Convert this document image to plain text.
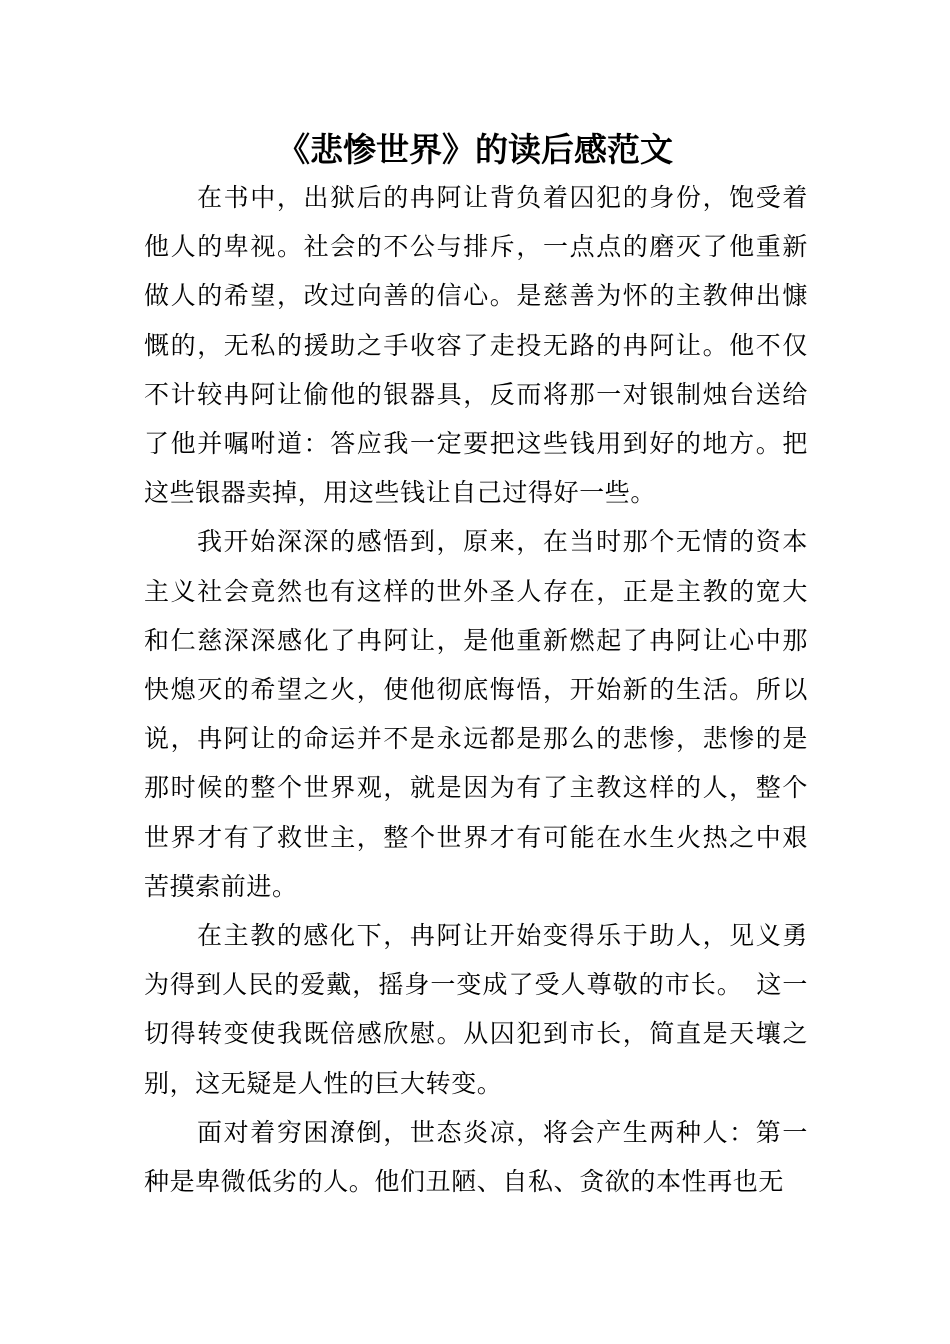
《悲惨世界》的读后感范文

在书中，出狱后的冉阿让背负着囚犯的身份，饱受着他人的卑视。社会的不公与排斥，一点点的磨灭了他重新做人的希望，改过向善的信心。是慈善为怀的主教伸出慷慨的，无私的援助之手收容了走投无路的冉阿让。他不仅不计较冉阿让偷他的银器具，反而将那一对银制烛台送给了他并嘱咐道：答应我一定要把这些钱用到好的地方。把这些银器卖掉，用这些钱让自己过得好一些。

我开始深深的感悟到，原来，在当时那个无情的资本主义社会竟然也有这样的世外圣人存在，正是主教的宽大和仁慈深深感化了冉阿让，是他重新燃起了冉阿让心中那快熄灭的希望之火，使他彻底悔悟，开始新的生活。所以说，冉阿让的命运并不是永远都是那么的悲惨，悲惨的是那时候的整个世界观，就是因为有了主教这样的人，整个世界才有了救世主，整个世界才有可能在水生火热之中艰苦摸索前进。

在主教的感化下，冉阿让开始变得乐于助人，见义勇为得到人民的爱戴，摇身一变成了受人尊敬的市长。　这一切得转变使我既倍感欣慰。从囚犯到市长，简直是天壤之别，这无疑是人性的巨大转变。

面对着穷困潦倒，世态炎凉，将会产生两种人：第一种是卑微低劣的人。他们丑陋、自私、贪欲的本性再也无
